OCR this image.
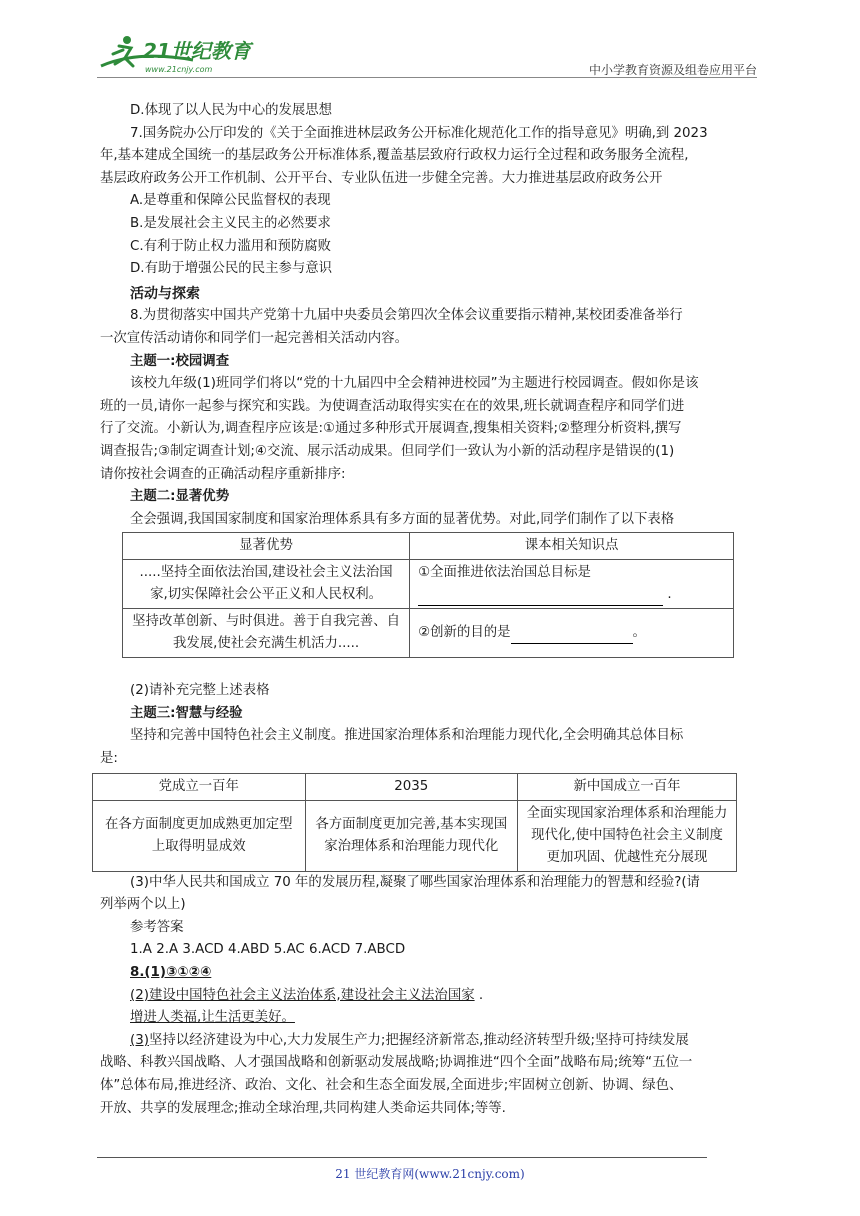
21世纪教育
www.21cnjy.com	中小学教育资源及组卷应用平台

D.体现了以人民为中心的发展思想

7.国务院办公厅印发的《关于全面推进林层政务公开标准化规范化工作的指导意见》明确,到 2023

年,基本建成全国统一的基层政务公开标准体系,覆盖基层致府行政权力运行全过程和政务服务全流程,

基层政府政务公开工作机制、公开平台、专业队伍进一步健全完善。大力推进基层政府政务公开

A.是尊重和保障公民监督权的表现

B.是发展社会主义民主的必然要求

C.有利于防止权力滥用和预防腐败

D.有助于增强公民的民主参与意识

活动与探索

8.为贯彻落实中国共产党第十九届中央委员会第四次全体会议重要指示精神,某校团委准备举行

一次宣传活动请你和同学们一起完善相关活动内容。

主题一:校园调查

该校九年级(1)班同学们将以“党的十九届四中全会精神进校园”为主题进行校园调查。假如你是该

班的一员,请你一起参与探究和实践。为使调查活动取得实实在在的效果,班长就调查程序和同学们进

行了交流。小新认为,调查程序应该是:①通过多种形式开展调查,搜集相关资料;②整理分析资料,撰写

调查报告;③制定调查计划;④交流、展示活动成果。但同学们一致认为小新的活动程序是错误的(1)

请你按社会调查的正确活动程序重新排序:

主题二:显著优势

全会强调,我国国家制度和国家治理体系具有多方面的显著优势。对此,同学们制作了以下表格

显著优势	课本相关知识点
.....坚持全面依法治国,建设社会主义法治国家,切实保障社会公平正义和人民权利。	①全面推进依法治国总目标是
.
坚持改革创新、与时俱进。善于自我完善、自我发展,使社会充满生机活力.....	②创新的目的是 。

(2)请补充完整上述表格

主题三:智慧与经验

坚持和完善中国特色社会主义制度。推进国家治理体系和治理能力现代化,全会明确其总体目标

是:

党成立一百年	2035	新中国成立一百年
在各方面制度更加成熟更加定型上取得明显成效	各方面制度更加完善,基本实现国家治理体系和治理能力现代化	全面实现国家治理体系和治理能力现代化,使中国特色社会主义制度更加巩固、优越性充分展现

(3)中华人民共和国成立 70 年的发展历程,凝聚了哪些国家治理体系和治理能力的智慧和经验?(请

列举两个以上)

参考答案

1.A 2.A 3.ACD 4.ABD 5.AC 6.ACD 7.ABCD

8.(1)③①②④

(2)建设中国特色社会主义法治体系,建设社会主义法治国家 .

增进人类福,让生活更美好。

(3)坚持以经济建设为中心,大力发展生产力;把握经济新常态,推动经济转型升级;坚持可持续发展

战略、科教兴国战略、人才强国战略和创新驱动发展战略;协调推进“四个全面”战略布局;统筹“五位一

体”总体布局,推进经济、政治、文化、社会和生态全面发展,全面进步;牢固树立创新、协调、绿色、

开放、共享的发展理念;推动全球治理,共同构建人类命运共同体;等等.

21 世纪教育网(www.21cnjy.com)
